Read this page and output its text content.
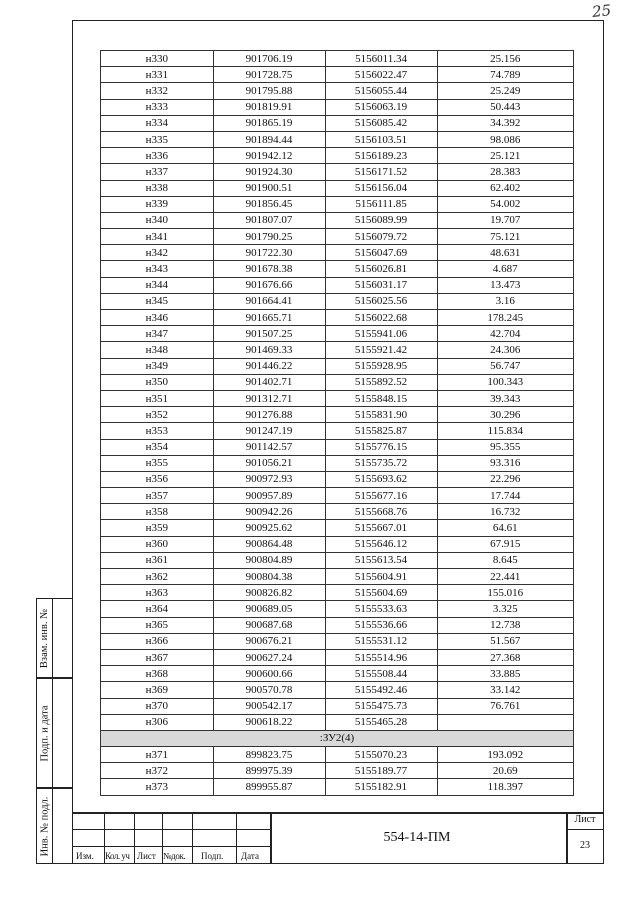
25
Взам. инв. №
Подп. и дата
Инв. № подл.
н330	901706.19	5156011.34	25.156
н331	901728.75	5156022.47	74.789
н332	901795.88	5156055.44	25.249
н333	901819.91	5156063.19	50.443
н334	901865.19	5156085.42	34.392
н335	901894.44	5156103.51	98.086
н336	901942.12	5156189.23	25.121
н337	901924.30	5156171.52	28.383
н338	901900.51	5156156.04	62.402
н339	901856.45	5156111.85	54.002
н340	901807.07	5156089.99	19.707
н341	901790.25	5156079.72	75.121
н342	901722.30	5156047.69	48.631
н343	901678.38	5156026.81	4.687
н344	901676.66	5156031.17	13.473
н345	901664.41	5156025.56	3.16
н346	901665.71	5156022.68	178.245
н347	901507.25	5155941.06	42.704
н348	901469.33	5155921.42	24.306
н349	901446.22	5155928.95	56.747
н350	901402.71	5155892.52	100.343
н351	901312.71	5155848.15	39.343
н352	901276.88	5155831.90	30.296
н353	901247.19	5155825.87	115.834
н354	901142.57	5155776.15	95.355
н355	901056.21	5155735.72	93.316
н356	900972.93	5155693.62	22.296
н357	900957.89	5155677.16	17.744
н358	900942.26	5155668.76	16.732
н359	900925.62	5155667.01	64.61
н360	900864.48	5155646.12	67.915
н361	900804.89	5155613.54	8.645
н362	900804.38	5155604.91	22.441
н363	900826.82	5155604.69	155.016
н364	900689.05	5155533.63	3.325
н365	900687.68	5155536.66	12.738
н366	900676.21	5155531.12	51.567
н367	900627.24	5155514.96	27.368
н368	900600.66	5155508.44	33.885
н369	900570.78	5155492.46	33.142
н370	900542.17	5155475.73	76.761
н306	900618.22	5155465.28	
:ЗУ2(4)			
н371	899823.75	5155070.23	193.092
н372	899975.39	5155189.77	20.69
н373	899955.87	5155182.91	118.397
Изм. Кол. уч Лист №док. Подп. Дата
554-14-ПМ
Лист
23
